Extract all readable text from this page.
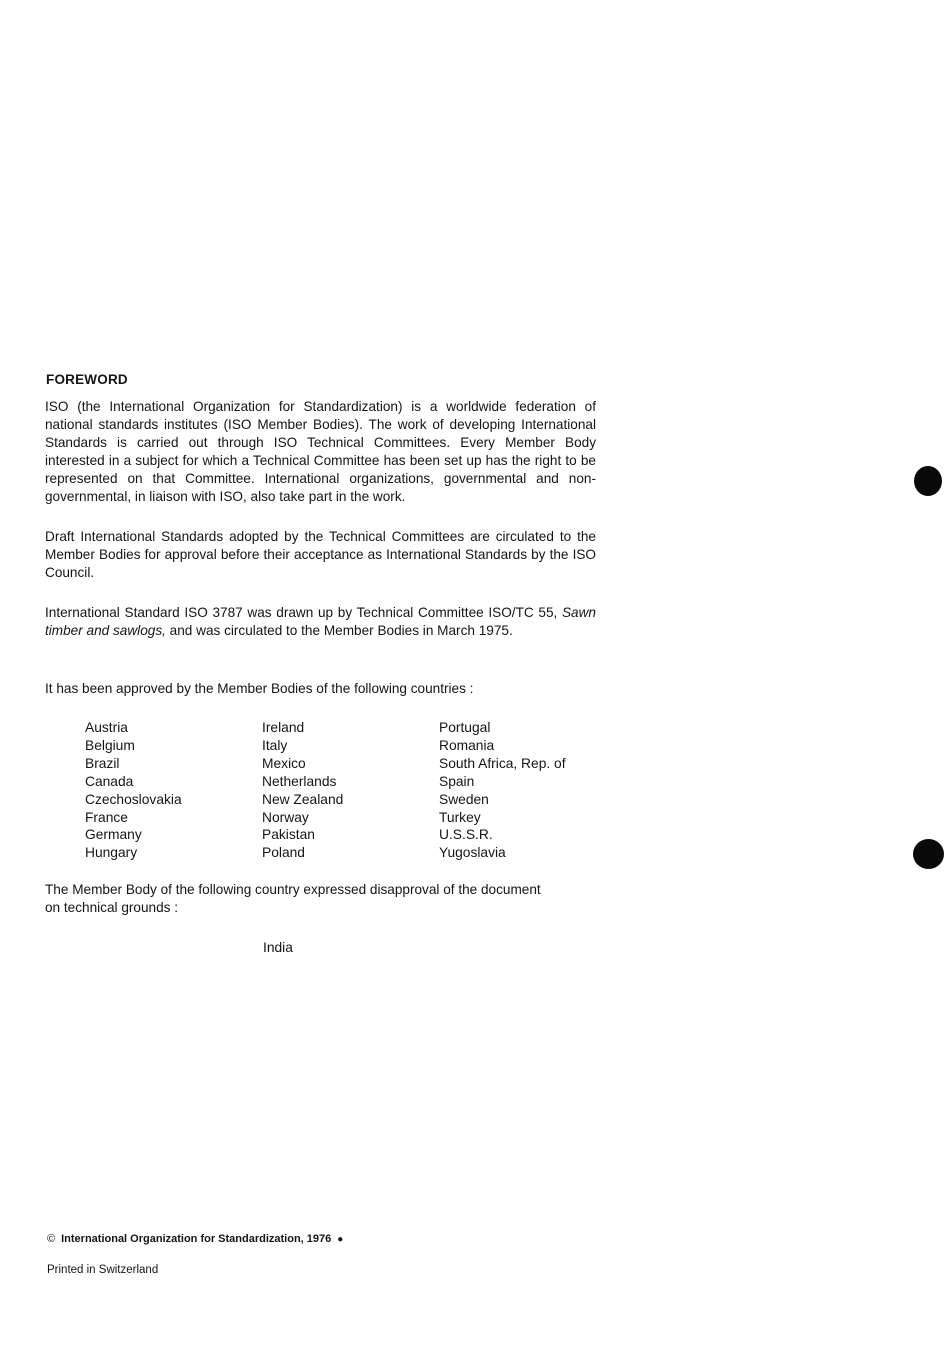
FOREWORD

ISO (the International Organization for Standardization) is a worldwide federation of national standards institutes (ISO Member Bodies). The work of developing International Standards is carried out through ISO Technical Committees. Every Member Body interested in a subject for which a Technical Committee has been set up has the right to be represented on that Committee. International organizations, governmental and non-governmental, in liaison with ISO, also take part in the work.

Draft International Standards adopted by the Technical Committees are circulated to the Member Bodies for approval before their acceptance as International Standards by the ISO Council.

International Standard ISO 3787 was drawn up by Technical Committee ISO/TC 55, Sawn timber and sawlogs, and was circulated to the Member Bodies in March 1975.

It has been approved by the Member Bodies of the following countries :

Austria
Belgium
Brazil
Canada
Czechoslovakia
France
Germany
Hungary
Ireland
Italy
Mexico
Netherlands
New Zealand
Norway
Pakistan
Poland
Portugal
Romania
South Africa, Rep. of
Spain
Sweden
Turkey
U.S.S.R.
Yugoslavia

The Member Body of the following country expressed disapproval of the document
on technical grounds :

India
© International Organization for Standardization, 1976 ●
Printed in Switzerland
